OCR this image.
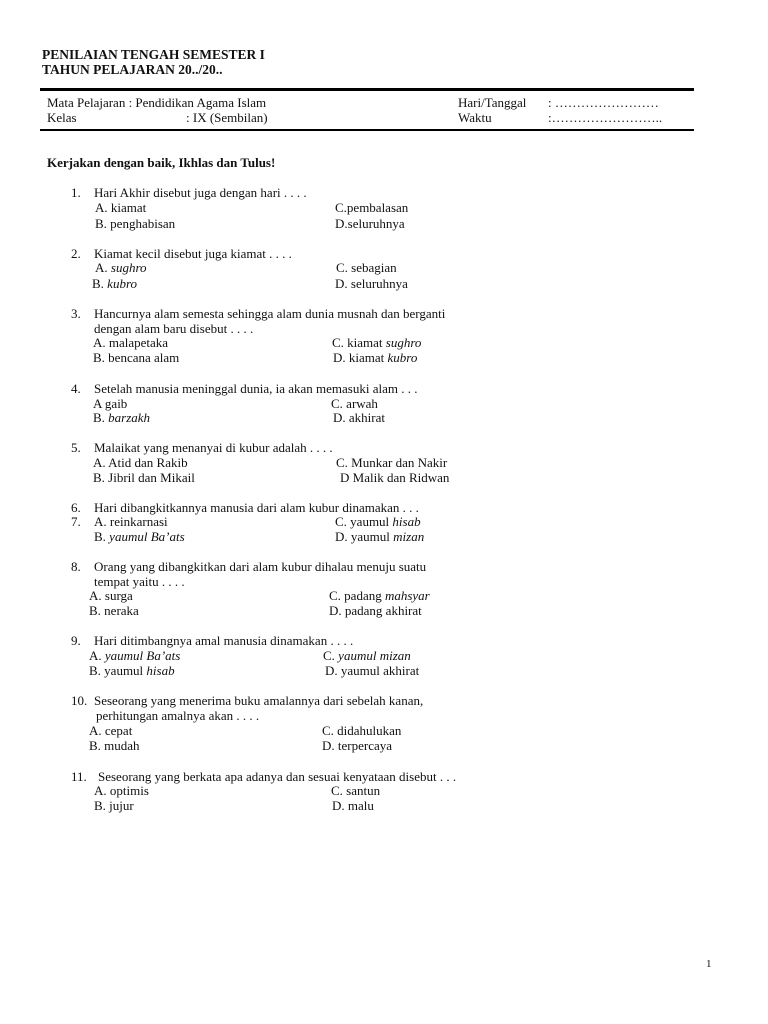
PENILAIAN TENGAH SEMESTER I
TAHUN PELAJARAN 20../20..
Mata Pelajaran : Pendidikan Agama Islam	Hari/Tanggal : ……………………
Kelas	: IX (Sembilan)	Waktu	:……………………..
Kerjakan dengan baik, Ikhlas dan Tulus!
1. Hari Akhir disebut juga dengan hari . . . .
A. kiamat	C.pembalasan
B. penghabisan	D.seluruhnya
2. Kiamat kecil disebut juga kiamat . . . .
A. sughro	C. sebagian
B. kubro	D. seluruhnya
3. Hancurnya alam semesta sehingga alam dunia musnah dan berganti
dengan alam baru disebut . . . .
A. malapetaka	C. kiamat sughro
B. bencana alam	D. kiamat kubro
4. Setelah manusia meninggal dunia, ia akan memasuki alam . . .
A gaib	C. arwah
B. barzakh	D. akhirat
5. Malaikat yang menanyai di kubur adalah . . . .
A. Atid dan Rakib	C. Munkar dan Nakir
B. Jibril dan Mikail	D Malik dan Ridwan
6. Hari dibangkitkannya manusia dari alam kubur dinamakan . . .
7. A. reinkarnasi	C. yaumul hisab
B. yaumul Ba’ats	D. yaumul mizan
8. Orang yang dibangkitkan dari alam kubur dihalau menuju suatu
tempat yaitu . . . .
A. surga	C. padang mahsyar
B. neraka	D. padang akhirat
9. Hari ditimbangnya amal manusia dinamakan . . . .
A. yaumul Ba’ats	C. yaumul mizan
B. yaumul hisab	D. yaumul akhirat
10. Seseorang yang menerima buku amalannya dari sebelah kanan,
perhitungan amalnya akan . . . .
A. cepat	C. didahulukan
B. mudah	D. terpercaya
11. Seseorang yang berkata apa adanya dan sesuai kenyataan disebut . . .
A. optimis	C. santun
B. jujur	D. malu
1
